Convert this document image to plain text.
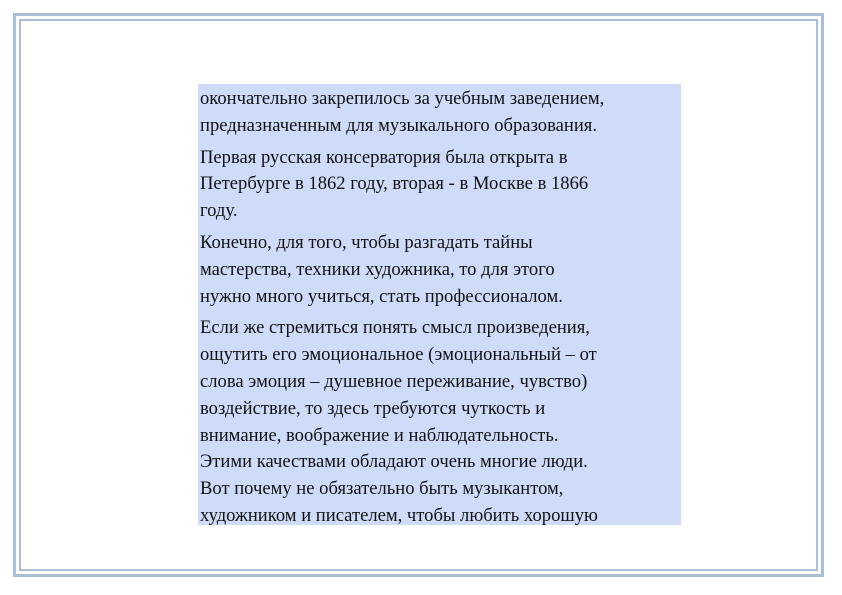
окончательно закрепилось за учебным заведением,
предназначенным для музыкального образования.

Первая русская консерватория была открыта в
Петербурге в 1862 году, вторая - в Москве в 1866
году.

Конечно, для того, чтобы разгадать тайны
мастерства, техники художника, то для этого
нужно много учиться, стать профессионалом.

Если же стремиться понять смысл произведения,
ощутить его эмоциональное (эмоциональный – от
слова эмоция – душевное переживание, чувство)
воздействие, то здесь требуются чуткость и
внимание, воображение и наблюдательность.
Этими качествами обладают очень многие люди.
Вот почему не обязательно быть музыкантом,
художником и писателем, чтобы любить хорошую
